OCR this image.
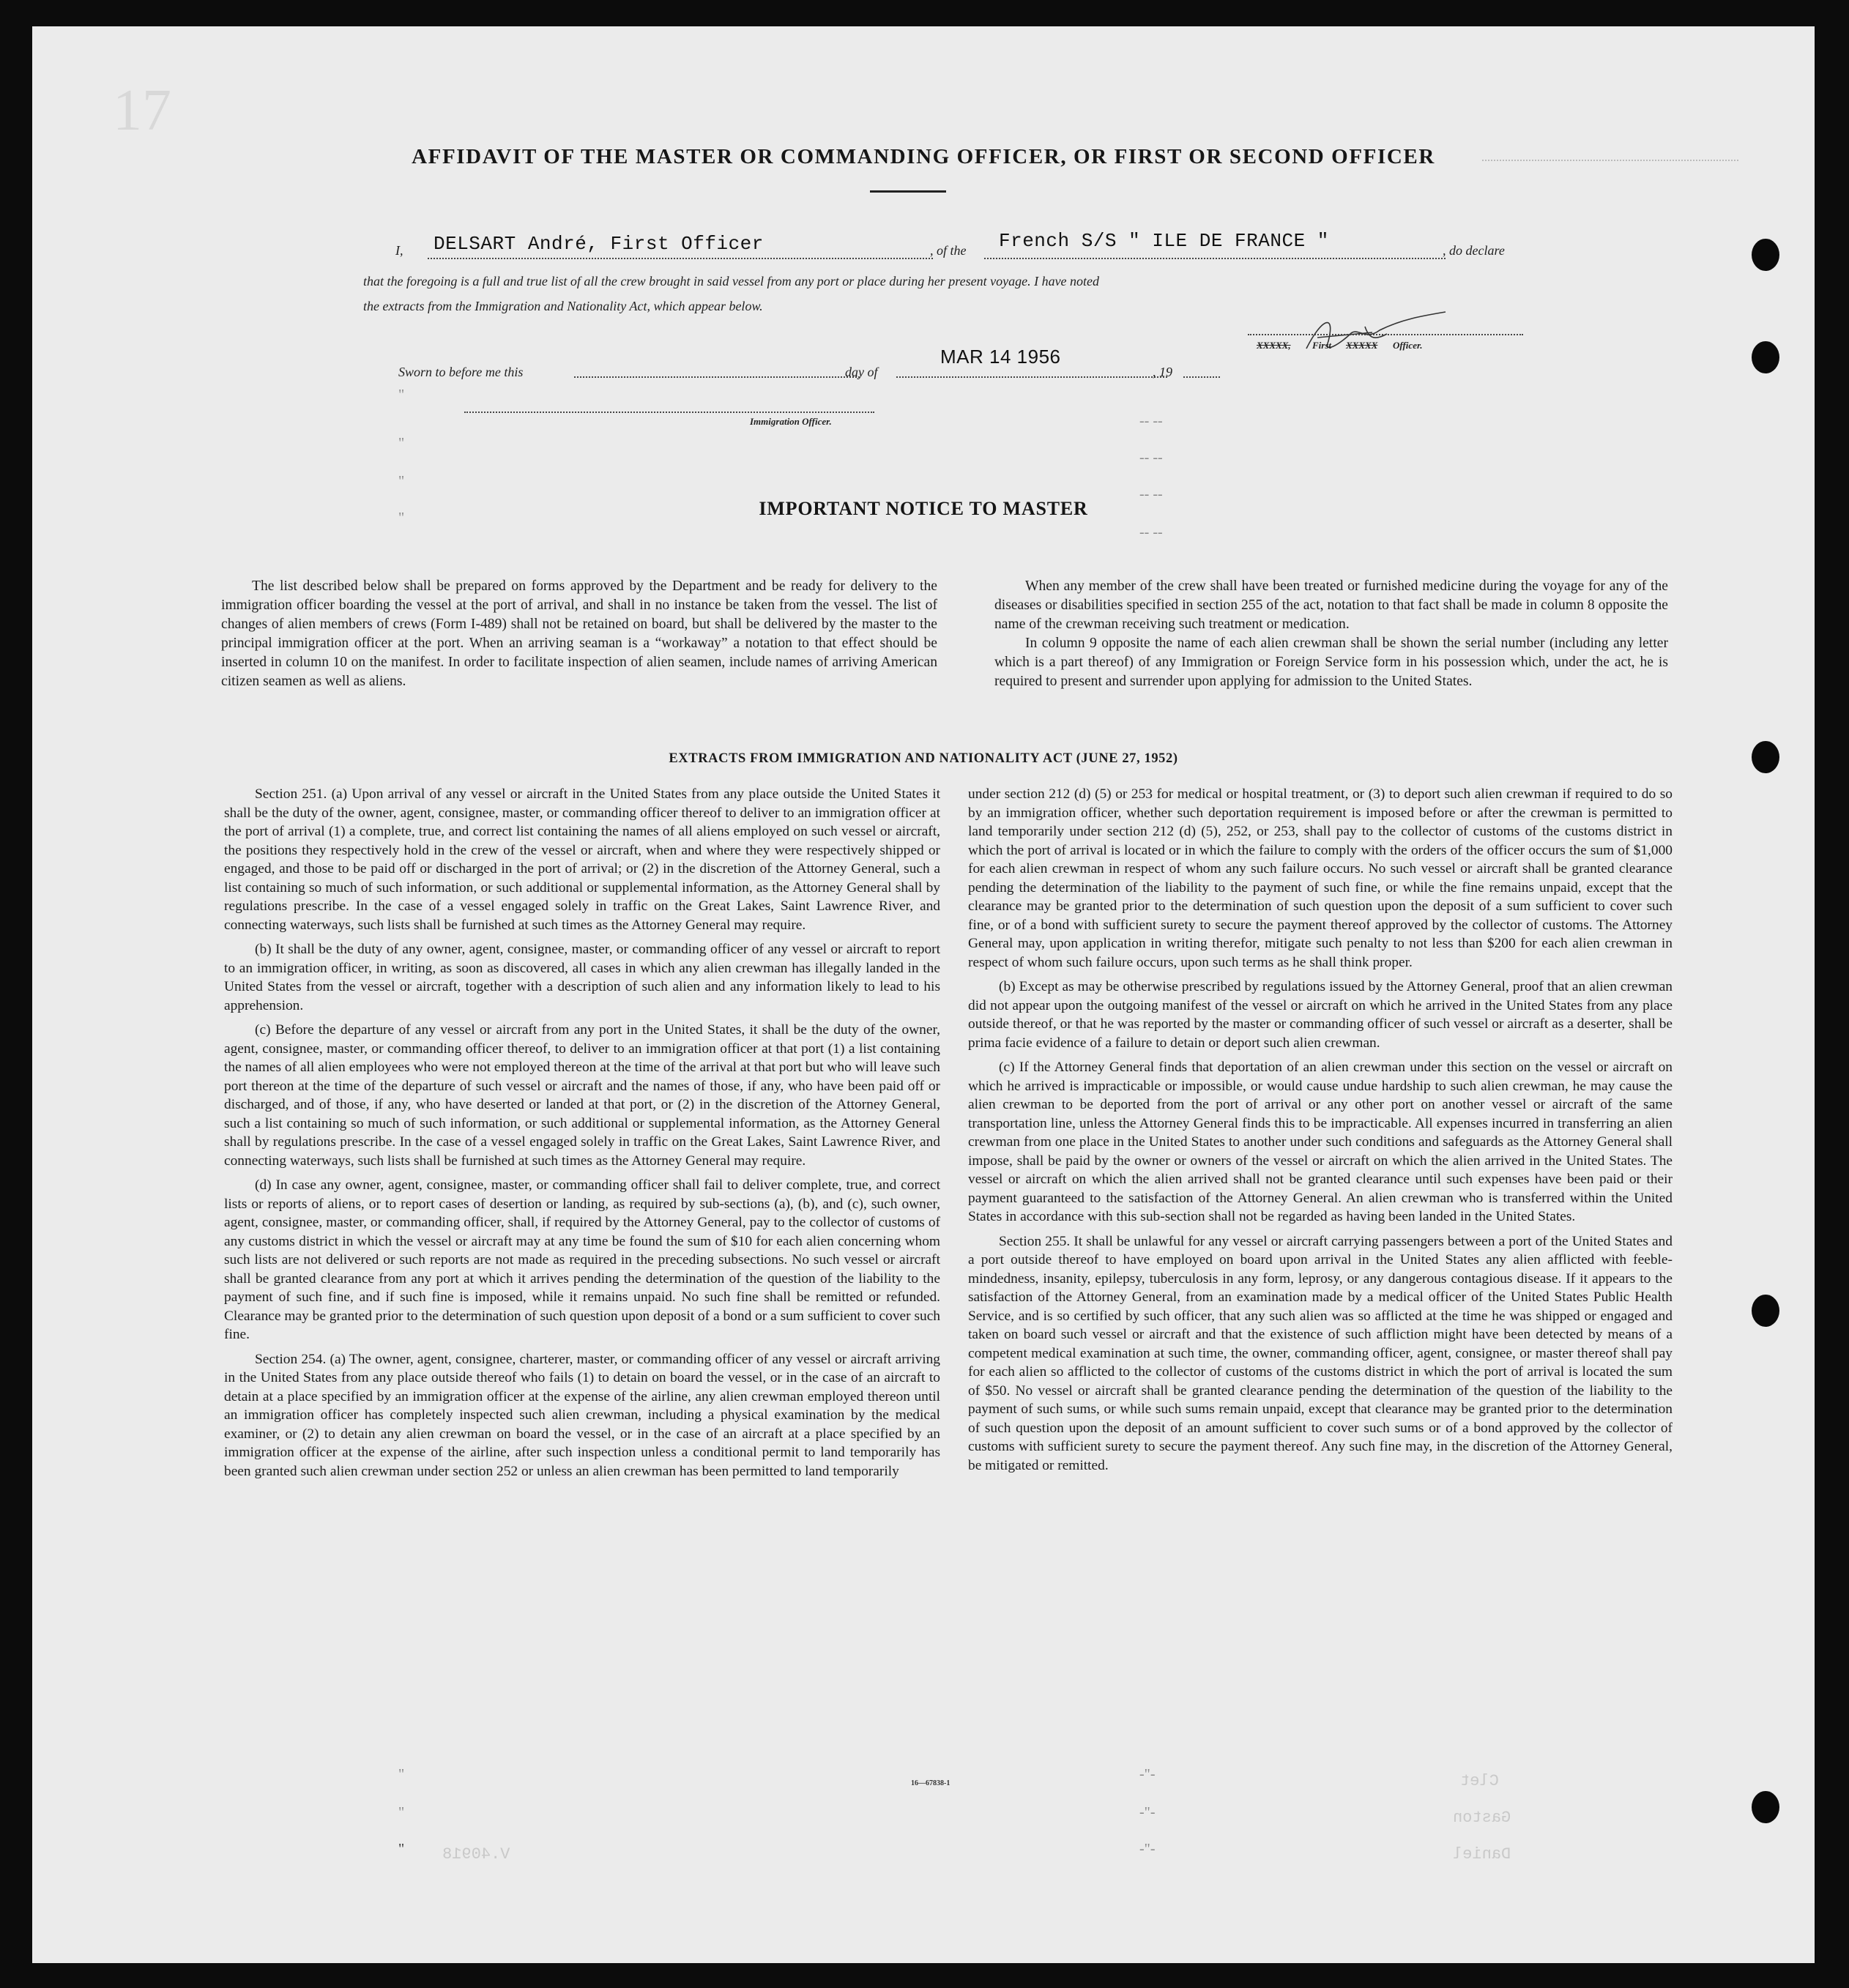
17
AFFIDAVIT OF THE MASTER OR COMMANDING OFFICER, OR FIRST OR SECOND OFFICER
I, DELSART André, First Officer	, of the French S/S " ILE DE FRANCE "	, do declare
that the foregoing is a full and true list of all the crew brought in said vessel from any port or place during her present voyage. I have noted
the extracts from the Immigration and Nationality Act, which appear below.
XXXXX, First XXXXX Officer.
Sworn to before me this	day of
MAR 14 1956
, 19
Immigration Officer.
"
"
"
"
-- --
-- --
-- --
-- --
IMPORTANT NOTICE TO MASTER

The list described below shall be prepared on forms approved by the Department and be ready for delivery to the immigration officer boarding the vessel at the port of arrival, and shall in no instance be taken from the vessel. The list of changes of alien members of crews (Form I-489) shall not be retained on board, but shall be delivered by the master to the principal immigration officer at the port. When an arriving seaman is a “workaway” a notation to that effect should be inserted in column 10 on the manifest. In order to facilitate inspection of alien seamen, include names of arriving American citizen seamen as well as aliens.

When any member of the crew shall have been treated or furnished medicine during the voyage for any of the diseases or disabilities specified in section 255 of the act, notation to that fact shall be made in column 8 opposite the name of the crewman receiving such treatment or medication.

In column 9 opposite the name of each alien crewman shall be shown the serial number (including any letter which is a part thereof) of any Immigration or Foreign Service form in his possession which, under the act, he is required to present and surrender upon applying for admission to the United States.

EXTRACTS FROM IMMIGRATION AND NATIONALITY ACT (JUNE 27, 1952)

Section 251. (a) Upon arrival of any vessel or aircraft in the United States from any place outside the United States it shall be the duty of the owner, agent, consignee, master, or commanding officer thereof to deliver to an immigration officer at the port of arrival (1) a complete, true, and correct list containing the names of all aliens employed on such vessel or aircraft, the positions they respectively hold in the crew of the vessel or aircraft, when and where they were respectively shipped or engaged, and those to be paid off or discharged in the port of arrival; or (2) in the discretion of the Attorney General, such a list containing so much of such information, or such additional or supplemental information, as the Attorney General shall by regulations prescribe. In the case of a vessel engaged solely in traffic on the Great Lakes, Saint Lawrence River, and connecting waterways, such lists shall be furnished at such times as the Attorney General may require.

(b) It shall be the duty of any owner, agent, consignee, master, or commanding officer of any vessel or aircraft to report to an immigration officer, in writing, as soon as discovered, all cases in which any alien crewman has illegally landed in the United States from the vessel or aircraft, together with a description of such alien and any information likely to lead to his apprehension.

(c) Before the departure of any vessel or aircraft from any port in the United States, it shall be the duty of the owner, agent, consignee, master, or commanding officer thereof, to deliver to an immigration officer at that port (1) a list containing the names of all alien employees who were not employed thereon at the time of the arrival at that port but who will leave such port thereon at the time of the departure of such vessel or aircraft and the names of those, if any, who have been paid off or discharged, and of those, if any, who have deserted or landed at that port, or (2) in the discretion of the Attorney General, such a list containing so much of such information, or such additional or supplemental information, as the Attorney General shall by regulations prescribe. In the case of a vessel engaged solely in traffic on the Great Lakes, Saint Lawrence River, and connecting waterways, such lists shall be furnished at such times as the Attorney General may require.

(d) In case any owner, agent, consignee, master, or commanding officer shall fail to deliver complete, true, and correct lists or reports of aliens, or to report cases of desertion or landing, as required by sub-sections (a), (b), and (c), such owner, agent, consignee, master, or commanding officer, shall, if required by the Attorney General, pay to the collector of customs of any customs district in which the vessel or aircraft may at any time be found the sum of $10 for each alien concerning whom such lists are not delivered or such reports are not made as required in the preceding subsections. No such vessel or aircraft shall be granted clearance from any port at which it arrives pending the determination of the question of the liability to the payment of such fine, and if such fine is imposed, while it remains unpaid. No such fine shall be remitted or refunded. Clearance may be granted prior to the determination of such question upon deposit of a bond or a sum sufficient to cover such fine.

Section 254. (a) The owner, agent, consignee, charterer, master, or commanding officer of any vessel or aircraft arriving in the United States from any place outside thereof who fails (1) to detain on board the vessel, or in the case of an aircraft to detain at a place specified by an immigration officer at the expense of the airline, any alien crewman employed thereon until an immigration officer has completely inspected such alien crewman, including a physical examination by the medical examiner, or (2) to detain any alien crewman on board the vessel, or in the case of an aircraft at a place specified by an immigration officer at the expense of the airline, after such inspection unless a conditional permit to land temporarily has been granted such alien crewman under section 252 or unless an alien crewman has been permitted to land temporarily

under section 212 (d) (5) or 253 for medical or hospital treatment, or (3) to deport such alien crewman if required to do so by an immigration officer, whether such deportation requirement is imposed before or after the crewman is permitted to land temporarily under section 212 (d) (5), 252, or 253, shall pay to the collector of customs of the customs district in which the port of arrival is located or in which the failure to comply with the orders of the officer occurs the sum of $1,000 for each alien crewman in respect of whom any such failure occurs. No such vessel or aircraft shall be granted clearance pending the determination of the liability to the payment of such fine, or while the fine remains unpaid, except that the clearance may be granted prior to the determination of such question upon the deposit of a sum sufficient to cover such fine, or of a bond with sufficient surety to secure the payment thereof approved by the collector of customs. The Attorney General may, upon application in writing therefor, mitigate such penalty to not less than $200 for each alien crewman in respect of whom such failure occurs, upon such terms as he shall think proper.

(b) Except as may be otherwise prescribed by regulations issued by the Attorney General, proof that an alien crewman did not appear upon the outgoing manifest of the vessel or aircraft on which he arrived in the United States from any place outside thereof, or that he was reported by the master or commanding officer of such vessel or aircraft as a deserter, shall be prima facie evidence of a failure to detain or deport such alien crewman.

(c) If the Attorney General finds that deportation of an alien crewman under this section on the vessel or aircraft on which he arrived is impracticable or impossible, or would cause undue hardship to such alien crewman, he may cause the alien crewman to be deported from the port of arrival or any other port on another vessel or aircraft of the same transportation line, unless the Attorney General finds this to be impracticable. All expenses incurred in transferring an alien crewman from one place in the United States to another under such conditions and safeguards as the Attorney General shall impose, shall be paid by the owner or owners of the vessel or aircraft on which the alien arrived in the United States. The vessel or aircraft on which the alien arrived shall not be granted clearance until such expenses have been paid or their payment guaranteed to the satisfaction of the Attorney General. An alien crewman who is transferred within the United States in accordance with this sub-section shall not be regarded as having been landed in the United States.

Section 255. It shall be unlawful for any vessel or aircraft carrying passengers between a port of the United States and a port outside thereof to have employed on board upon arrival in the United States any alien afflicted with feeble-mindedness, insanity, epilepsy, tuberculosis in any form, leprosy, or any dangerous contagious disease. If it appears to the satisfaction of the Attorney General, from an examination made by a medical officer of the United States Public Health Service, and is so certified by such officer, that any such alien was so afflicted at the time he was shipped or engaged and taken on board such vessel or aircraft and that the existence of such affliction might have been detected by means of a competent medical examination at such time, the owner, commanding officer, agent, consignee, or master thereof shall pay for each alien so afflicted to the collector of customs of the customs district in which the port of arrival is located the sum of $50. No vessel or aircraft shall be granted clearance pending the determination of the question of the liability to the payment of such sums, or while such sums remain unpaid, except that clearance may be granted prior to the determination of such question upon the deposit of an amount sufficient to cover such sums or of a bond approved by the collector of customs with sufficient surety to secure the payment thereof. Any such fine may, in the discretion of the Attorney General, be mitigated or remitted.

16—67838-1
"
"
"
-"-
-"-
-"-
Clet
Gaston
Daniel
V.40918
